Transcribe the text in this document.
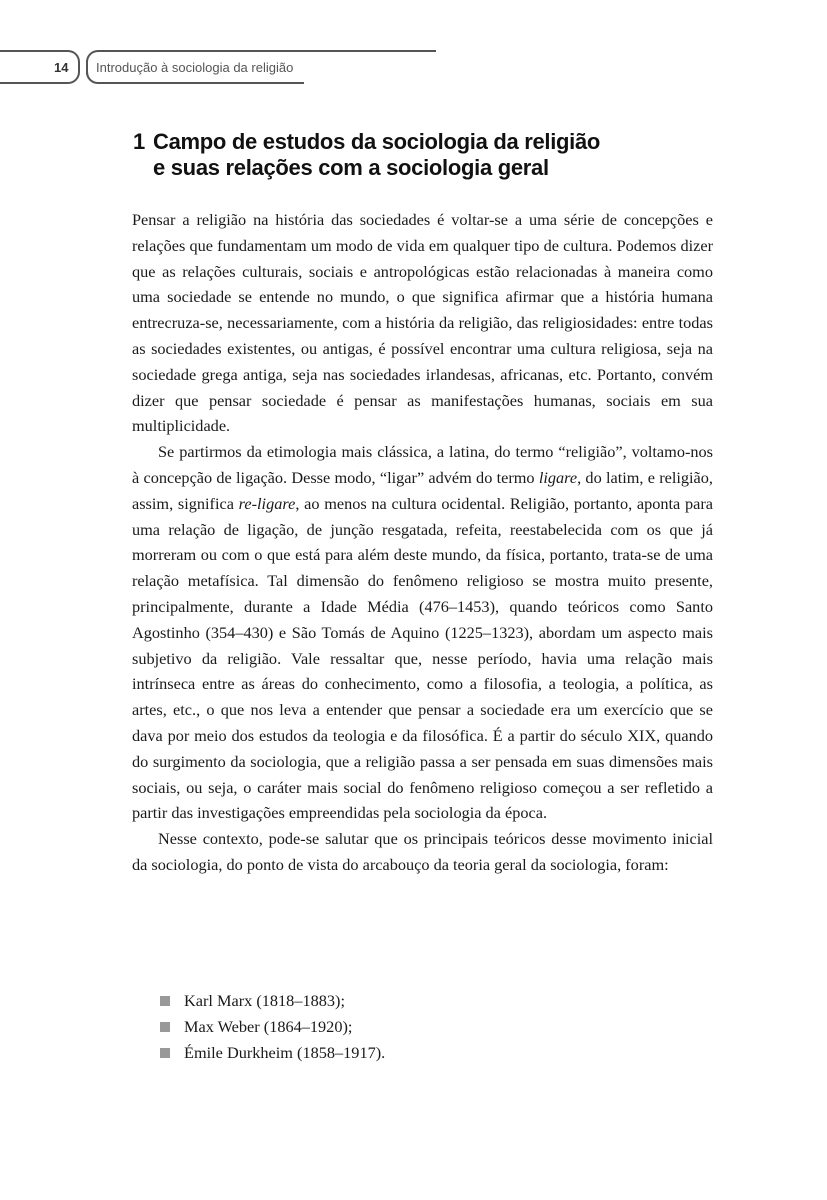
14 Introdução à sociologia da religião
1 Campo de estudos da sociologia da religião
e suas relações com a sociologia geral

Pensar a religião na história das sociedades é voltar-se a uma série de concepções e relações que fundamentam um modo de vida em qualquer tipo de cultura. Podemos dizer que as relações culturais, sociais e antropológicas estão relacionadas à maneira como uma sociedade se entende no mundo, o que significa afirmar que a história humana entrecruza-se, necessariamente, com a história da religião, das religiosidades: entre todas as sociedades existentes, ou antigas, é possível encontrar uma cultura religiosa, seja na sociedade grega antiga, seja nas sociedades irlandesas, africanas, etc. Portanto, convém dizer que pensar sociedade é pensar as manifestações humanas, sociais em sua multiplicidade.

Se partirmos da etimologia mais clássica, a latina, do termo “religião”, voltamo-nos à concepção de ligação. Desse modo, “ligar” advém do termo ligare, do latim, e religião, assim, significa re-ligare, ao menos na cultura ocidental. Religião, portanto, aponta para uma relação de ligação, de junção resgatada, refeita, reestabelecida com os que já morreram ou com o que está para além deste mundo, da física, portanto, trata-se de uma relação metafísica. Tal dimensão do fenômeno religioso se mostra muito presente, principalmente, durante a Idade Média (476–1453), quando teóricos como Santo Agostinho (354–430) e São Tomás de Aquino (1225–1323), abordam um aspecto mais subjetivo da religião. Vale ressaltar que, nesse período, havia uma relação mais intrínseca entre as áreas do conhecimento, como a filosofia, a teologia, a política, as artes, etc., o que nos leva a entender que pensar a sociedade era um exercício que se dava por meio dos estudos da teologia e da filosófica. É a partir do século XIX, quando do surgimento da sociologia, que a religião passa a ser pensada em suas dimensões mais sociais, ou seja, o caráter mais social do fenômeno religioso começou a ser refletido a partir das investigações empreendidas pela sociologia da época.

Nesse contexto, pode-se salutar que os principais teóricos desse movimento inicial da sociologia, do ponto de vista do arcabouço da teoria geral da sociologia, foram:

Karl Marx (1818–1883);
Max Weber (1864–1920);
Émile Durkheim (1858–1917).
